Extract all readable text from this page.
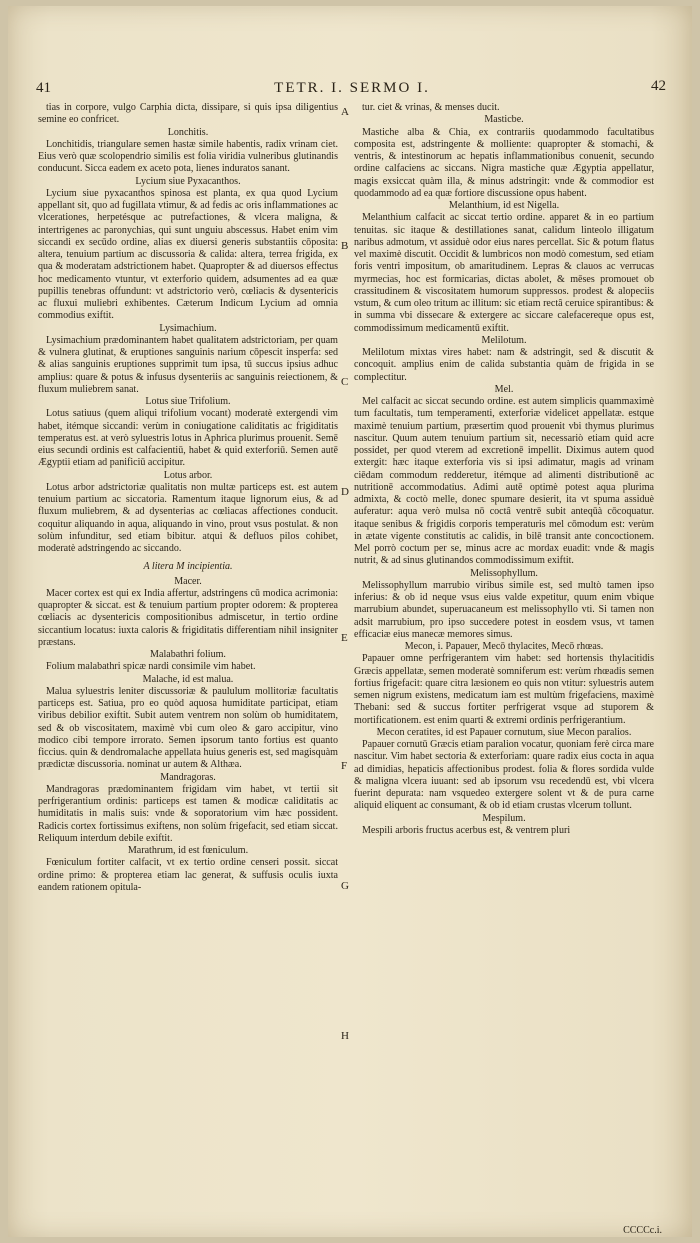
41	TETR. I. SERMO I.	42

tias in corpore, vulgo Carphia dicta, dissipare, si quis ipsa diligentius semine eo confricet.

Lonchitis.

Lonchitidis, triangulare semen hastæ simile habentis, radix vrinam ciet. Eius verò quæ scolopendrio similis est folia viridia vulneribus glutinandis conducunt. Sicca eadem ex aceto pota, lienes induratos sanant.

Lycium siue Pyxacanthos.

Lycium siue pyxacanthos spinosa est planta, ex qua quod Lycium appellant sit, quo ad fugillata vtimur, & ad fedis ac oris inflammationes ac vlcerationes, herpetésque ac putrefactiones, & vlcera maligna, & intertrigenes ac paronychias, qui sunt unguiu abscessus. Habet enim vim siccandi ex secūdo ordine, alias ex diuersi generis substantiis cōposita: altera, tenuium partium ac discussoria & calida: altera, terrea frigida, ex qua & moderatam adstrictionem habet. Quapropter & ad diuersos effectus hoc medicamento vtuntur, vt exterforio quidem, adsumentes ad ea quæ pupillis tenebras offundunt: vt adstrictorio verò, cœliacis & dysentericis ac fluxui muliebri exhibentes. Cæterum Indicum Lycium ad omnia commodius exiftit.

Lysimachium.

Lysimachium prædominantem habet qualitatem adstrictoriam, per quam & vulnera glutinat, & eruptiones sanguinis narium cōpescit insperfa: sed & alias sanguinis eruptiones supprimit tum ipsa, tū succus ipsius adhuc amplius: quare & potus & infusus dysenteriis ac sanguinis reiectionem, & fluxum muliebrem sanat.

Lotus siue Trifolium.

Lotus satiuus (quem aliqui trifolium vocant) moderatè extergendi vim habet, itémque siccandi: verùm in coniugatione caliditatis ac frigiditatis temperatus est. at verò syluestris lotus in Aphrica plurimus prouenit. Semē eius secundi ordinis est calfacientiū, habet & quid exterforiū. Semen autē Ægyptii etiam ad panificiū accipitur.

Lotus arbor.

Lotus arbor adstrictoriæ qualitatis non multæ particeps est. est autem tenuium partium ac siccatoria. Ramentum itaque lignorum eius, & ad fluxum muliebrem, & ad dysenterias ac cœliacas affectiones conducit. coquitur aliquando in aqua, aliquando in vino, prout vsus postulat. & non solùm infunditur, sed etiam bibitur. atqui & defluos pilos cohibet, moderatè adstringendo ac siccando.

A litera M incipientia.
Macer.

Macer cortex est qui ex India affertur, adstringens cū modica acrimonia: quapropter & siccat. est & tenuium partium propter odorem: & propterea cœliacis ac dysentericis compositionibus admiscetur, in tertio ordine siccantium locatus: iuxta caloris & frigiditatis differentiam nihil insigniter præstans.

Malabathri folium.

Folium malabathri spicæ nardi consimile vim habet.

Malache, id est malua.

Malua syluestris leniter discussoriæ & paululum mollitoriæ facultatis particeps est. Satiua, pro eo quòd aquosa humiditate participat, etiam viribus debilior exiftit. Subit autem ventrem non solùm ob humiditatem, sed & ob viscositatem, maximè vbi cum oleo & garo accipitur, vino modico cibi tempore irrorato. Semen ipsorum tanto fortius est quanto ficcius. quin & dendromalache appellata huius generis est, sed magisquàm prædictæ discussoria. nominat ur autem & Althæa.

Mandragoras.

Mandragoras prædominantem frigidam vim habet, vt tertii sit perfrigerantium ordinis: particeps est tamen & modicæ caliditatis ac humiditatis in malis suis: vnde & soporatorium vim hæc possident. Radicis cortex fortissimus exiftens, non solùm frigefacit, sed etiam siccat. Reliquum interdum debile exiftit.

Marathrum, id est fœniculum.

Fœniculum fortiter calfacit, vt ex tertio ordine censeri possit. siccat ordine primo: & propterea etiam lac generat, & suffusis oculis iuxta eandem rationem opitula-

A
B
C
D
E
F
G
H

tur. ciet & vrinas, & menses ducit.

Masticbe.

Mastiche alba & Chia, ex contrariis quodammodo facultatibus composita est, adstringente & molliente: quapropter & stomachi, & ventris, & intestinorum ac hepatis inflammationibus conuenit, secundo ordine calfaciens ac siccans. Nigra mastiche quæ Ægyptia appellatur, magis exsiccat quàm illa, & minus adstringit: vnde & commodior est quodammodo ad ea quæ fortiore discussione opus habent.

Melanthium, id est Nigella.

Melanthium calfacit ac siccat tertio ordine. apparet & in eo partium tenuitas. sic itaque & destillationes sanat, calidum linteolo illigatum naribus admotum, vt assiduè odor eius nares percellat. Sic & potum flatus vel maximè discutit. Occidit & lumbricos non modò comestum, sed etiam foris ventri impositum, ob amaritudinem. Lepras & clauos ac verrucas myrmecias, hoc est formicarias, dictas abolet, & mēses promouet ob crassitudinem & viscositatem humorum suppressos. prodest & alopeciis vstum, & cum oleo tritum ac illitum: sic etiam rectâ ceruice spirantibus: & in summa vbi dissecare & extergere ac siccare calefacereque opus est, commodissimum medicamentū exiftit.

Melilotum.

Melilotum mixtas vires habet: nam & adstringit, sed & discutit & concoquit. amplius enim de calida substantia quàm de frigida in se complectitur.

Mel.

Mel calfacit ac siccat secundo ordine. est autem simplicis quammaximè tum facultatis, tum temperamenti, exterforiæ videlicet appellatæ. estque maximè tenuium partium, præsertim quod prouenit vbi thymus plurimus nascitur. Quum autem tenuium partium sit, necessariò etiam quid acre possidet, per quod vterem ad excretionē impellit. Diximus autem quod extergit: hæc itaque exterforia vis si ipsi adimatur, magis ad vrinam ciēdam commodum redderetur, itémque ad alimenti distributionē ac nutritionē accommodatius. Adimi autē optimè potest aqua plurima admixta, & coctò melle, donec spumare desierit, ita vt spuma assiduè auferatur: aqua verò mulsa nō coctâ ventrē subit anteqūà cōcoquatur. itaque senibus & frigidis corporis temperaturis mel cōmodum est: verùm in ætate vigente constitutis ac calidis, in bilē transit ante concoctionem. Mel porrò coctum per se, minus acre ac mordax euadit: vnde & magis nutrit, & ad sinus glutinandos commodissimum exiftit.

Melissophyllum.

Melissophyllum marrubio viribus simile est, sed multò tamen ipso inferius: & ob id neque vsus eius valde expetitur, quum enim vbique marrubium abundet, superuacaneum est melissophyllo vti. Si tamen non adsit marrubium, pro ipso succedere potest in eosdem vsus, vt tamen efficaciæ eius manecæ memores simus.

Mecon, i. Papauer, Mecō thylacites, Mecō rhœas.

Papauer omne perfrigerantem vim habet: sed hortensis thylacitidis Græcis appellatæ, semen moderatè somniferum est: verùm rhœadis semen fortius frigefacit: quare citra læsionem eo quis non vtitur: syluestris autem semen nigrum existens, medicatum iam est multùm frigefaciens, maximè Thebani: sed & succus fortiter perfrigerat vsque ad stuporem & mortificationem. est enim quarti & extremi ordinis perfrigerantium.

Mecon ceratites, id est Papauer cornutum, siue Mecon paralios.

Papauer cornutū Græcis etiam paralion vocatur, quoniam ferè circa mare nascitur. Vim habet sectoria & exterforiam: quare radix eius cocta in aqua ad dimidias, hepaticis affectionibus prodest. folia & flores sordida vulde & maligna vlcera iuuant: sed ab ipsorum vsu recedendū est, vbi vlcera fuerint depurata: nam vsquedeo extergere solent vt & de pura carne aliquid eliquent ac consumant, & ob id etiam crustas vlcerum tollunt.

Mespilum.

Mespili arboris fructus acerbus est, & ventrem pluri

CCCCc.i.
